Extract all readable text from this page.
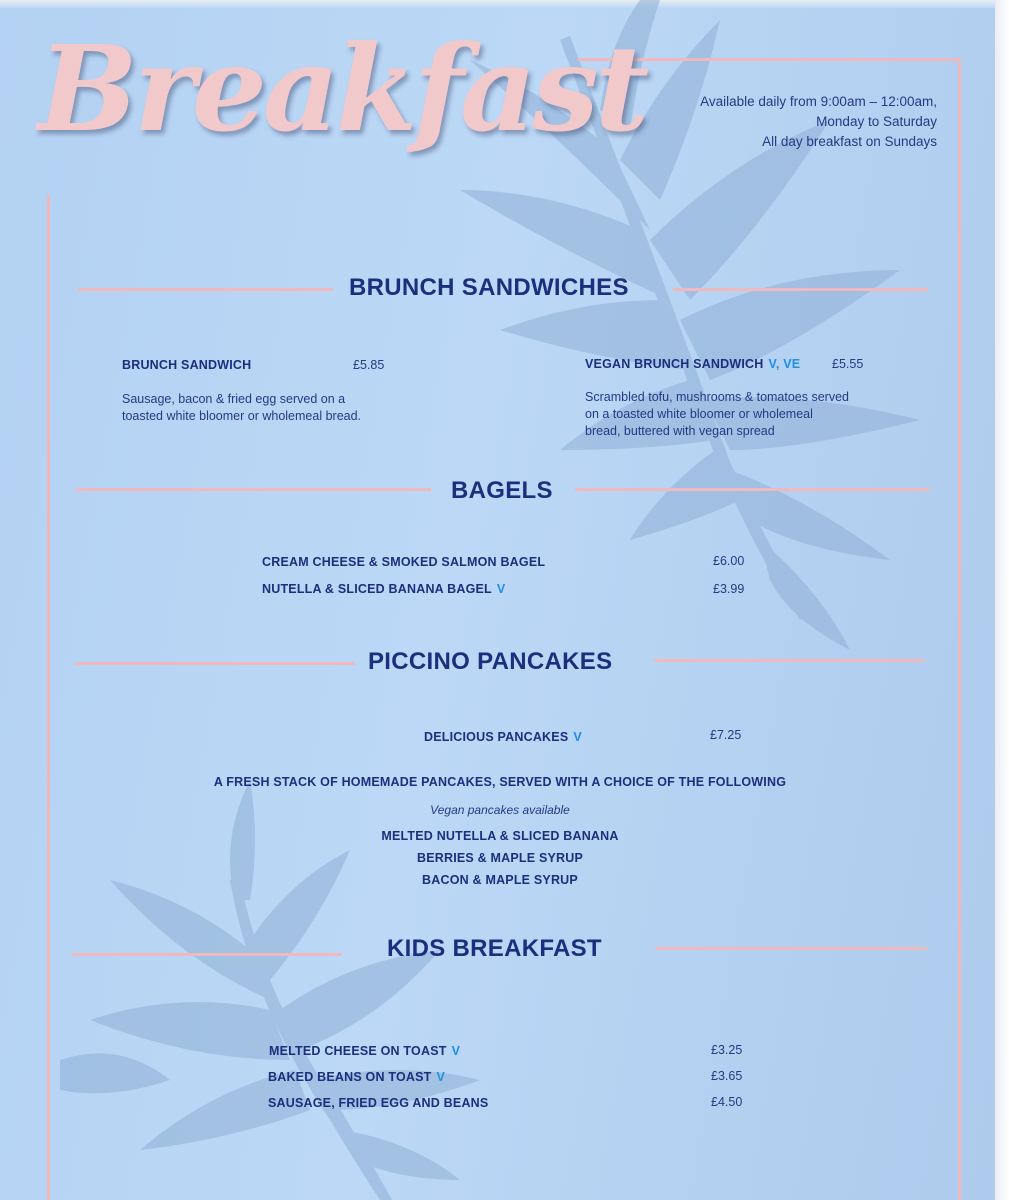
Breakfast	Available daily from 9:00am – 12:00am,
Monday to Saturday
All day breakfast on Sundays
BRUNCH SANDWICHES
BRUNCH SANDWICH	£5.85
Sausage, bacon & fried egg served on a
toasted white bloomer or wholemeal bread.
VEGAN BRUNCH SANDWICH V, VE	£5.55
Scrambled tofu, mushrooms & tomatoes served
on a toasted white bloomer or wholemeal
bread, buttered with vegan spread
BAGELS
CREAM CHEESE & SMOKED SALMON BAGEL	£6.00
NUTELLA & SLICED BANANA BAGEL V	£3.99
PICCINO PANCAKES
DELICIOUS PANCAKES V	£7.25
A FRESH STACK OF HOMEMADE PANCAKES, SERVED WITH A CHOICE OF THE FOLLOWING
Vegan pancakes available
MELTED NUTELLA & SLICED BANANA
BERRIES & MAPLE SYRUP
BACON & MAPLE SYRUP
KIDS BREAKFAST
MELTED CHEESE ON TOAST V	£3.25
BAKED BEANS ON TOAST V	£3.65
SAUSAGE, FRIED EGG AND BEANS	£4.50
